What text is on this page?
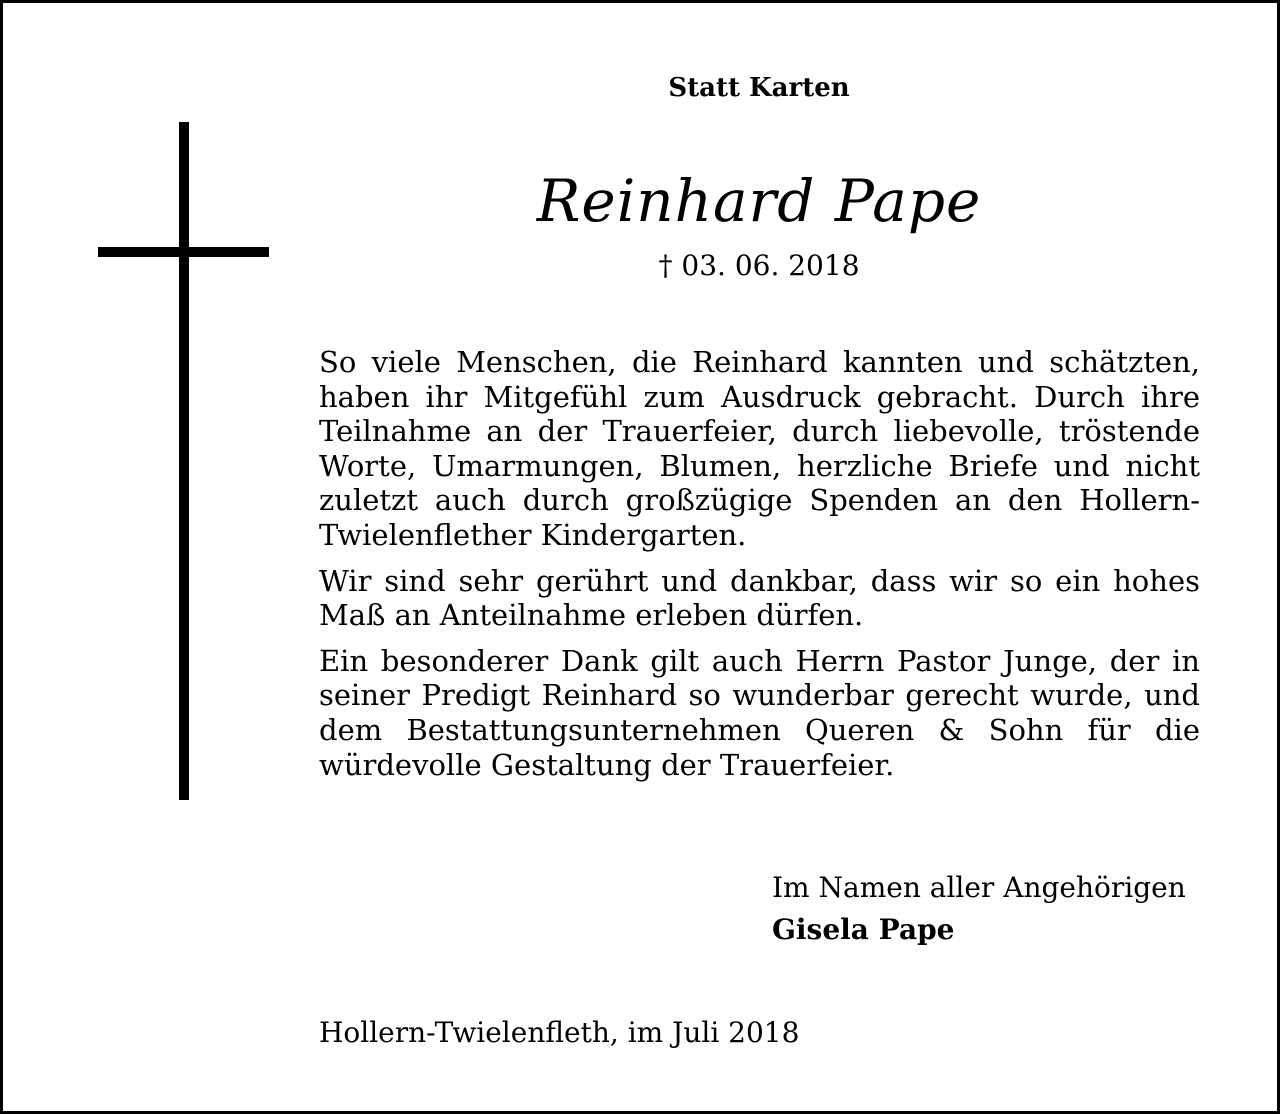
Statt Karten
Reinhard Pape
† 03. 06. 2018

So viele Menschen, die Reinhard kannten und schätzten, haben ihr Mitgefühl zum Ausdruck gebracht. Durch ihre Teilnahme an der Trauerfeier, durch liebevolle, tröstende Worte, Umarmungen, Blumen, herzliche Briefe und nicht zuletzt auch durch großzügige Spenden an den Hollern-Twielenflether Kindergarten.

Wir sind sehr gerührt und dankbar, dass wir so ein hohes Maß an Anteilnahme erleben dürfen.

Ein besonderer Dank gilt auch Herrn Pastor Junge, der in seiner Predigt Reinhard so wunderbar gerecht wurde, und dem Bestattungsunternehmen Queren & Sohn für die würdevolle Gestaltung der Trauerfeier.

Im Namen aller Angehörigen
Gisela Pape
Hollern-Twielenfleth, im Juli 2018
